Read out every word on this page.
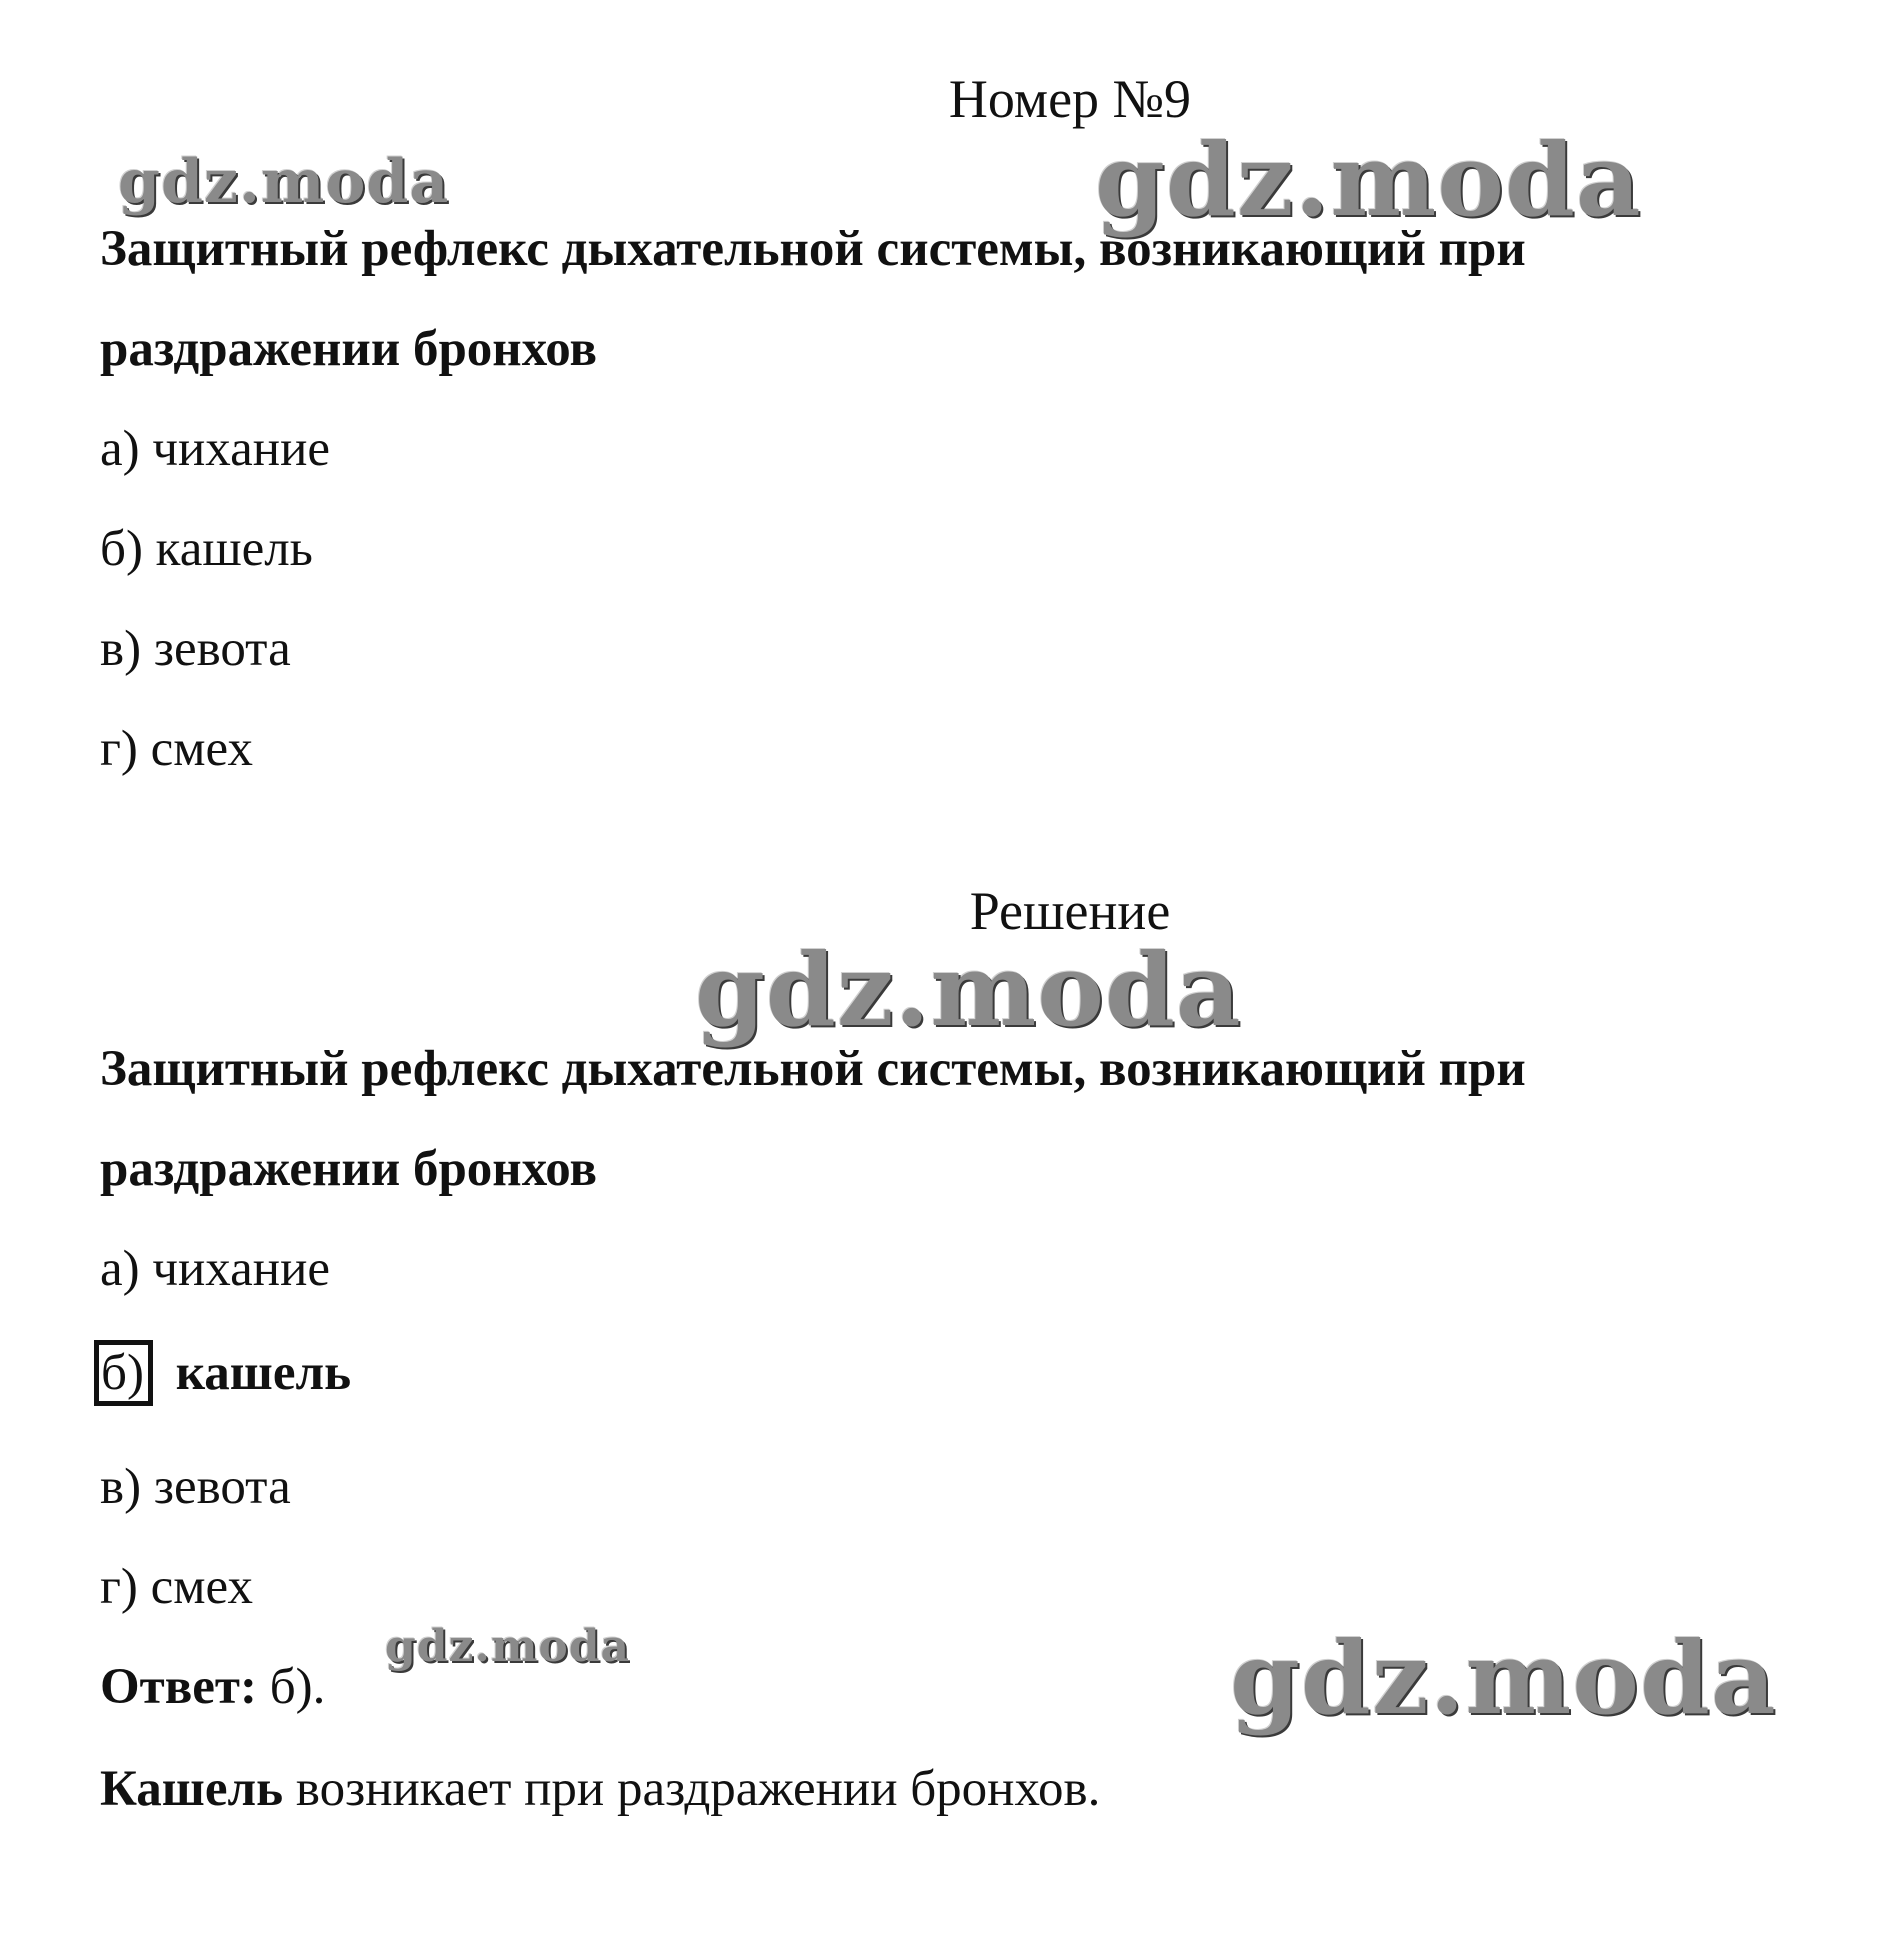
gdz.moda	gdz.moda
gdz.moda
gdz.moda	gdz.moda
Номер №9
Защитный рефлекс дыхательной системы, возникающий при
раздражении бронхов
а) чихание
б) кашель
в) зевота
г) смех
Решение
Защитный рефлекс дыхательной системы, возникающий при
раздражении бронхов
а) чихание
б) кашель
в) зевота
г) смех
Ответ: б).
Кашель возникает при раздражении бронхов.
